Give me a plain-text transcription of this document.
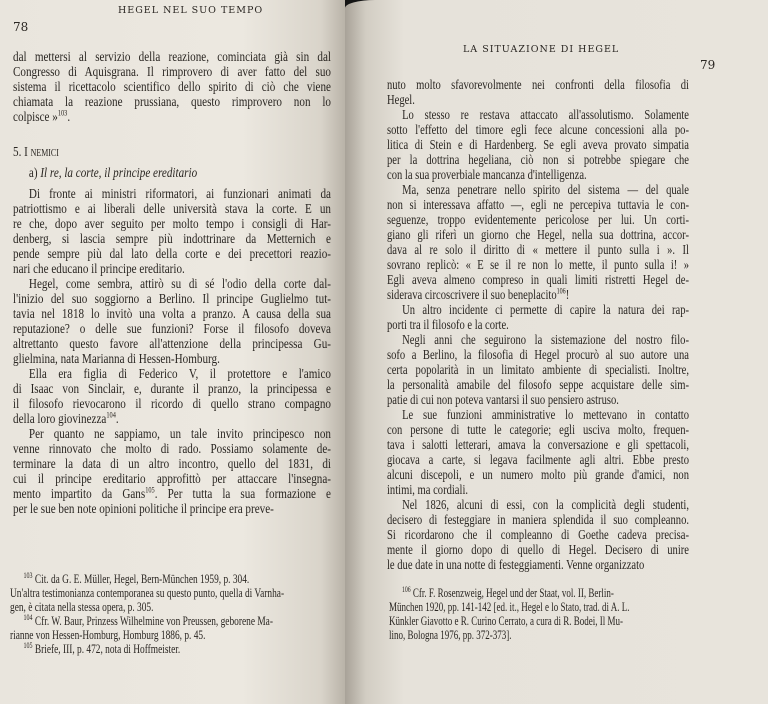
HEGEL NEL SUO TEMPO
78
dal mettersi al servizio della reazione, cominciata già sin dal
Congresso di Aquisgrana. Il rimprovero di aver fatto del suo
sistema il ricettacolo scientifico dello spirito di ciò che viene
chiamata la reazione prussiana, questo rimprovero non lo
colpisce »$^{103}$.
5. I nemici
a) Il re, la corte, il principe ereditario
Di fronte ai ministri riformatori, ai funzionari animati da
patriottismo e ai liberali delle università stava la corte. E un
re che, dopo aver seguito per molto tempo i consigli di Har-
denberg, si lascia sempre più indottrinare da Metternich e
pende sempre più dal lato della corte e dei precettori reazio-
nari che educano il principe ereditario.
Hegel, come sembra, attirò su di sé l'odio della corte dal-
l'inizio del suo soggiorno a Berlino. Il principe Guglielmo tut-
tavia nel 1818 lo invitò una volta a pranzo. A causa della sua
reputazione? o delle sue funzioni? Forse il filosofo doveva
altrettanto questo favore all'attenzione della principessa Gu-
glielmina, nata Marianna di Hessen-Homburg.
Ella era figlia di Federico V, il protettore e l'amico
di Isaac von Sinclair, e, durante il pranzo, la principessa e
il filosofo rievocarono il ricordo di quello strano compagno
della loro giovinezza$^{104}$.
Per quanto ne sappiamo, un tale invito principesco non
venne rinnovato che molto di rado. Possiamo solamente de-
terminare la data di un altro incontro, quello del 1831, di
cui il principe ereditario approfittò per attaccare l'insegna-
mento impartito da Gans$^{105}$. Per tutta la sua formazione e
per le sue ben note opinioni politiche il principe era preve-
$^{103}$ Cit. da G. E. Müller, Hegel, Bern-München 1959, p. 304.
Un'altra testimonianza contemporanea su questo punto, quella di Varnha-
gen, è citata nella stessa opera, p. 305.
$^{104}$ Cfr. W. Baur, Prinzess Wilhelmine von Preussen, geborene Ma-
rianne von Hessen-Homburg, Homburg 1886, p. 45.
$^{105}$ Briefe, III, p. 472, nota di Hoffmeister.
LA SITUAZIONE DI HEGEL
79
nuto molto sfavorevolmente nei confronti della filosofia di
Hegel.
Lo stesso re restava attaccato all'assolutismo. Solamente
sotto l'effetto del timore egli fece alcune concessioni alla po-
litica di Stein e di Hardenberg. Se egli aveva provato simpatia
per la dottrina hegeliana, ciò non si potrebbe spiegare che
con la sua proverbiale mancanza d'intelligenza.
Ma, senza penetrare nello spirito del sistema — del quale
non si interessava affatto —, egli ne percepiva tuttavia le con-
seguenze, troppo evidentemente pericolose per lui. Un corti-
giano gli riferì un giorno che Hegel, nella sua dottrina, accor-
dava al re solo il diritto di « mettere il punto sulla i ». Il
sovrano replicò: « E se il re non lo mette, il punto sulla i! »
Egli aveva almeno compreso in quali limiti ristretti Hegel de-
siderava circoscrivere il suo beneplacito$^{106}$!
Un altro incidente ci permette di capire la natura dei rap-
porti tra il filosofo e la corte.
Negli anni che seguirono la sistemazione del nostro filo-
sofo a Berlino, la filosofia di Hegel procurò al suo autore una
certa popolarità in un limitato ambiente di specialisti. Inoltre,
la personalità amabile del filosofo seppe acquistare delle sim-
patie di cui non poteva vantarsi il suo pensiero astruso.
Le sue funzioni amministrative lo mettevano in contatto
con persone di tutte le categorie; egli usciva molto, frequen-
tava i salotti letterari, amava la conversazione e gli spettacoli,
giocava a carte, si legava facilmente agli altri. Ebbe presto
alcuni discepoli, e un numero molto più grande d'amici, non
intimi, ma cordiali.
Nel 1826, alcuni di essi, con la complicità degli studenti,
decisero di festeggiare in maniera splendida il suo compleanno.
Si ricordarono che il compleanno di Goethe cadeva precisa-
mente il giorno dopo di quello di Hegel. Decisero di unire
le due date in una notte di festeggiamenti. Venne organizzato
$^{106}$ Cfr. F. Rosenzweig, Hegel und der Staat, vol. II, Berlin-
München 1920, pp. 141-142 [ed. it., Hegel e lo Stato, trad. di A. L.
Künkler Giavotto e R. Curino Cerrato, a cura di R. Bodei, Il Mu-
lino, Bologna 1976, pp. 372-373].
